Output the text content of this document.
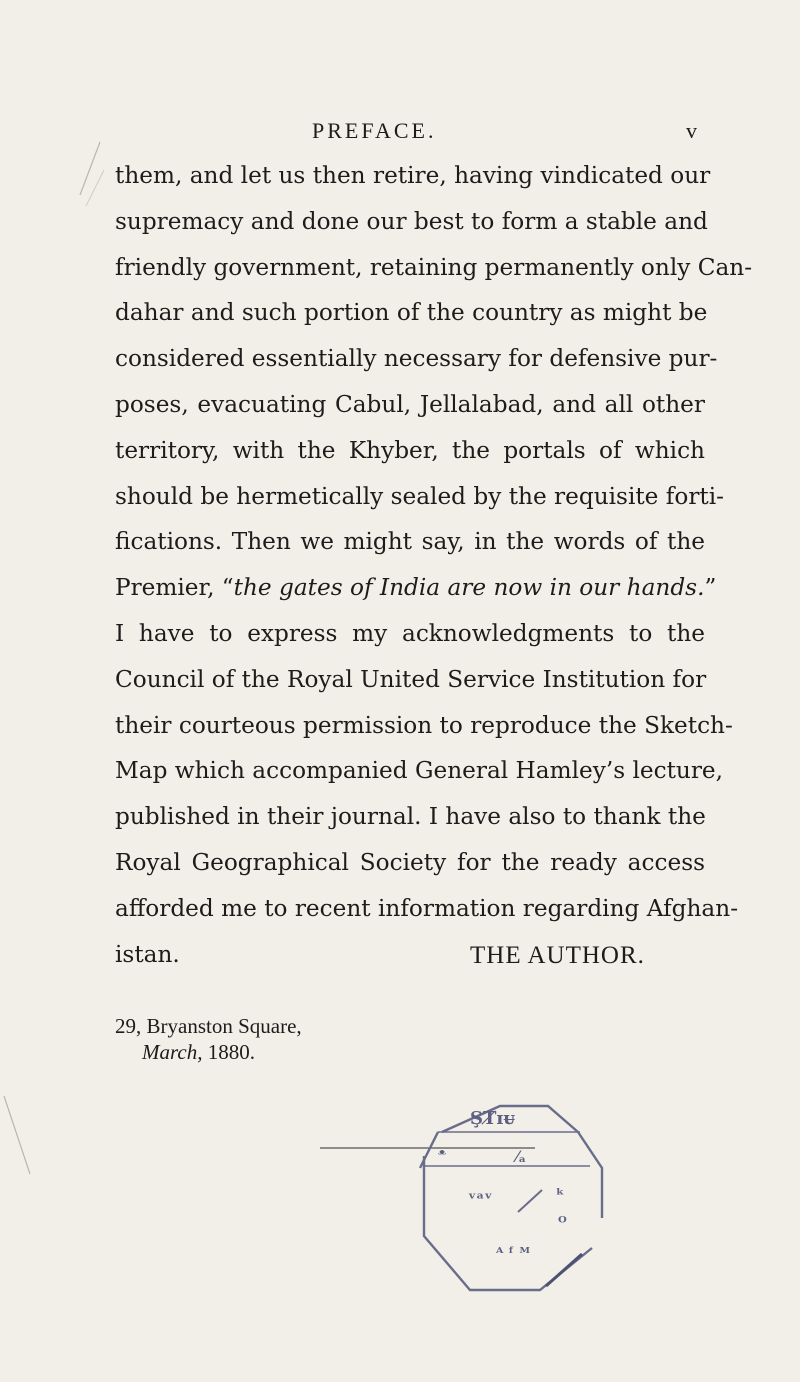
PREFACE.	v

them, and let us then retire, having vindicated our
supremacy and done our best to form a stable and
friendly government, retaining permanently only Can-
dahar and such portion of the country as might be
considered essentially necessary for defensive pur-
poses, evacuating Cabul, Jellalabad, and all other
territory, with the Khyber, the portals of which
should be hermetically sealed by the requisite forti-
fications. Then we might say, in the words of the
Premier, “the gates of India are now in our hands.”

I have to express my acknowledgments to the
Council of the Royal United Service Institution for
their courteous permission to reproduce the Sketch-
Map which accompanied General Hamley’s lecture,
published in their journal. I have also to thank the
Royal Geographical Society for the ready access
afforded me to recent information regarding Afghan-
istan.	THE AUTHOR.
29, Bryanston Square,
March, 1880.
ŞT̸ɪᵾ
ᵜ	⁄ₐ
ᵛᵃᵛ	ᵏ
ᴼ
ᴬ ᶠ ᴹ
